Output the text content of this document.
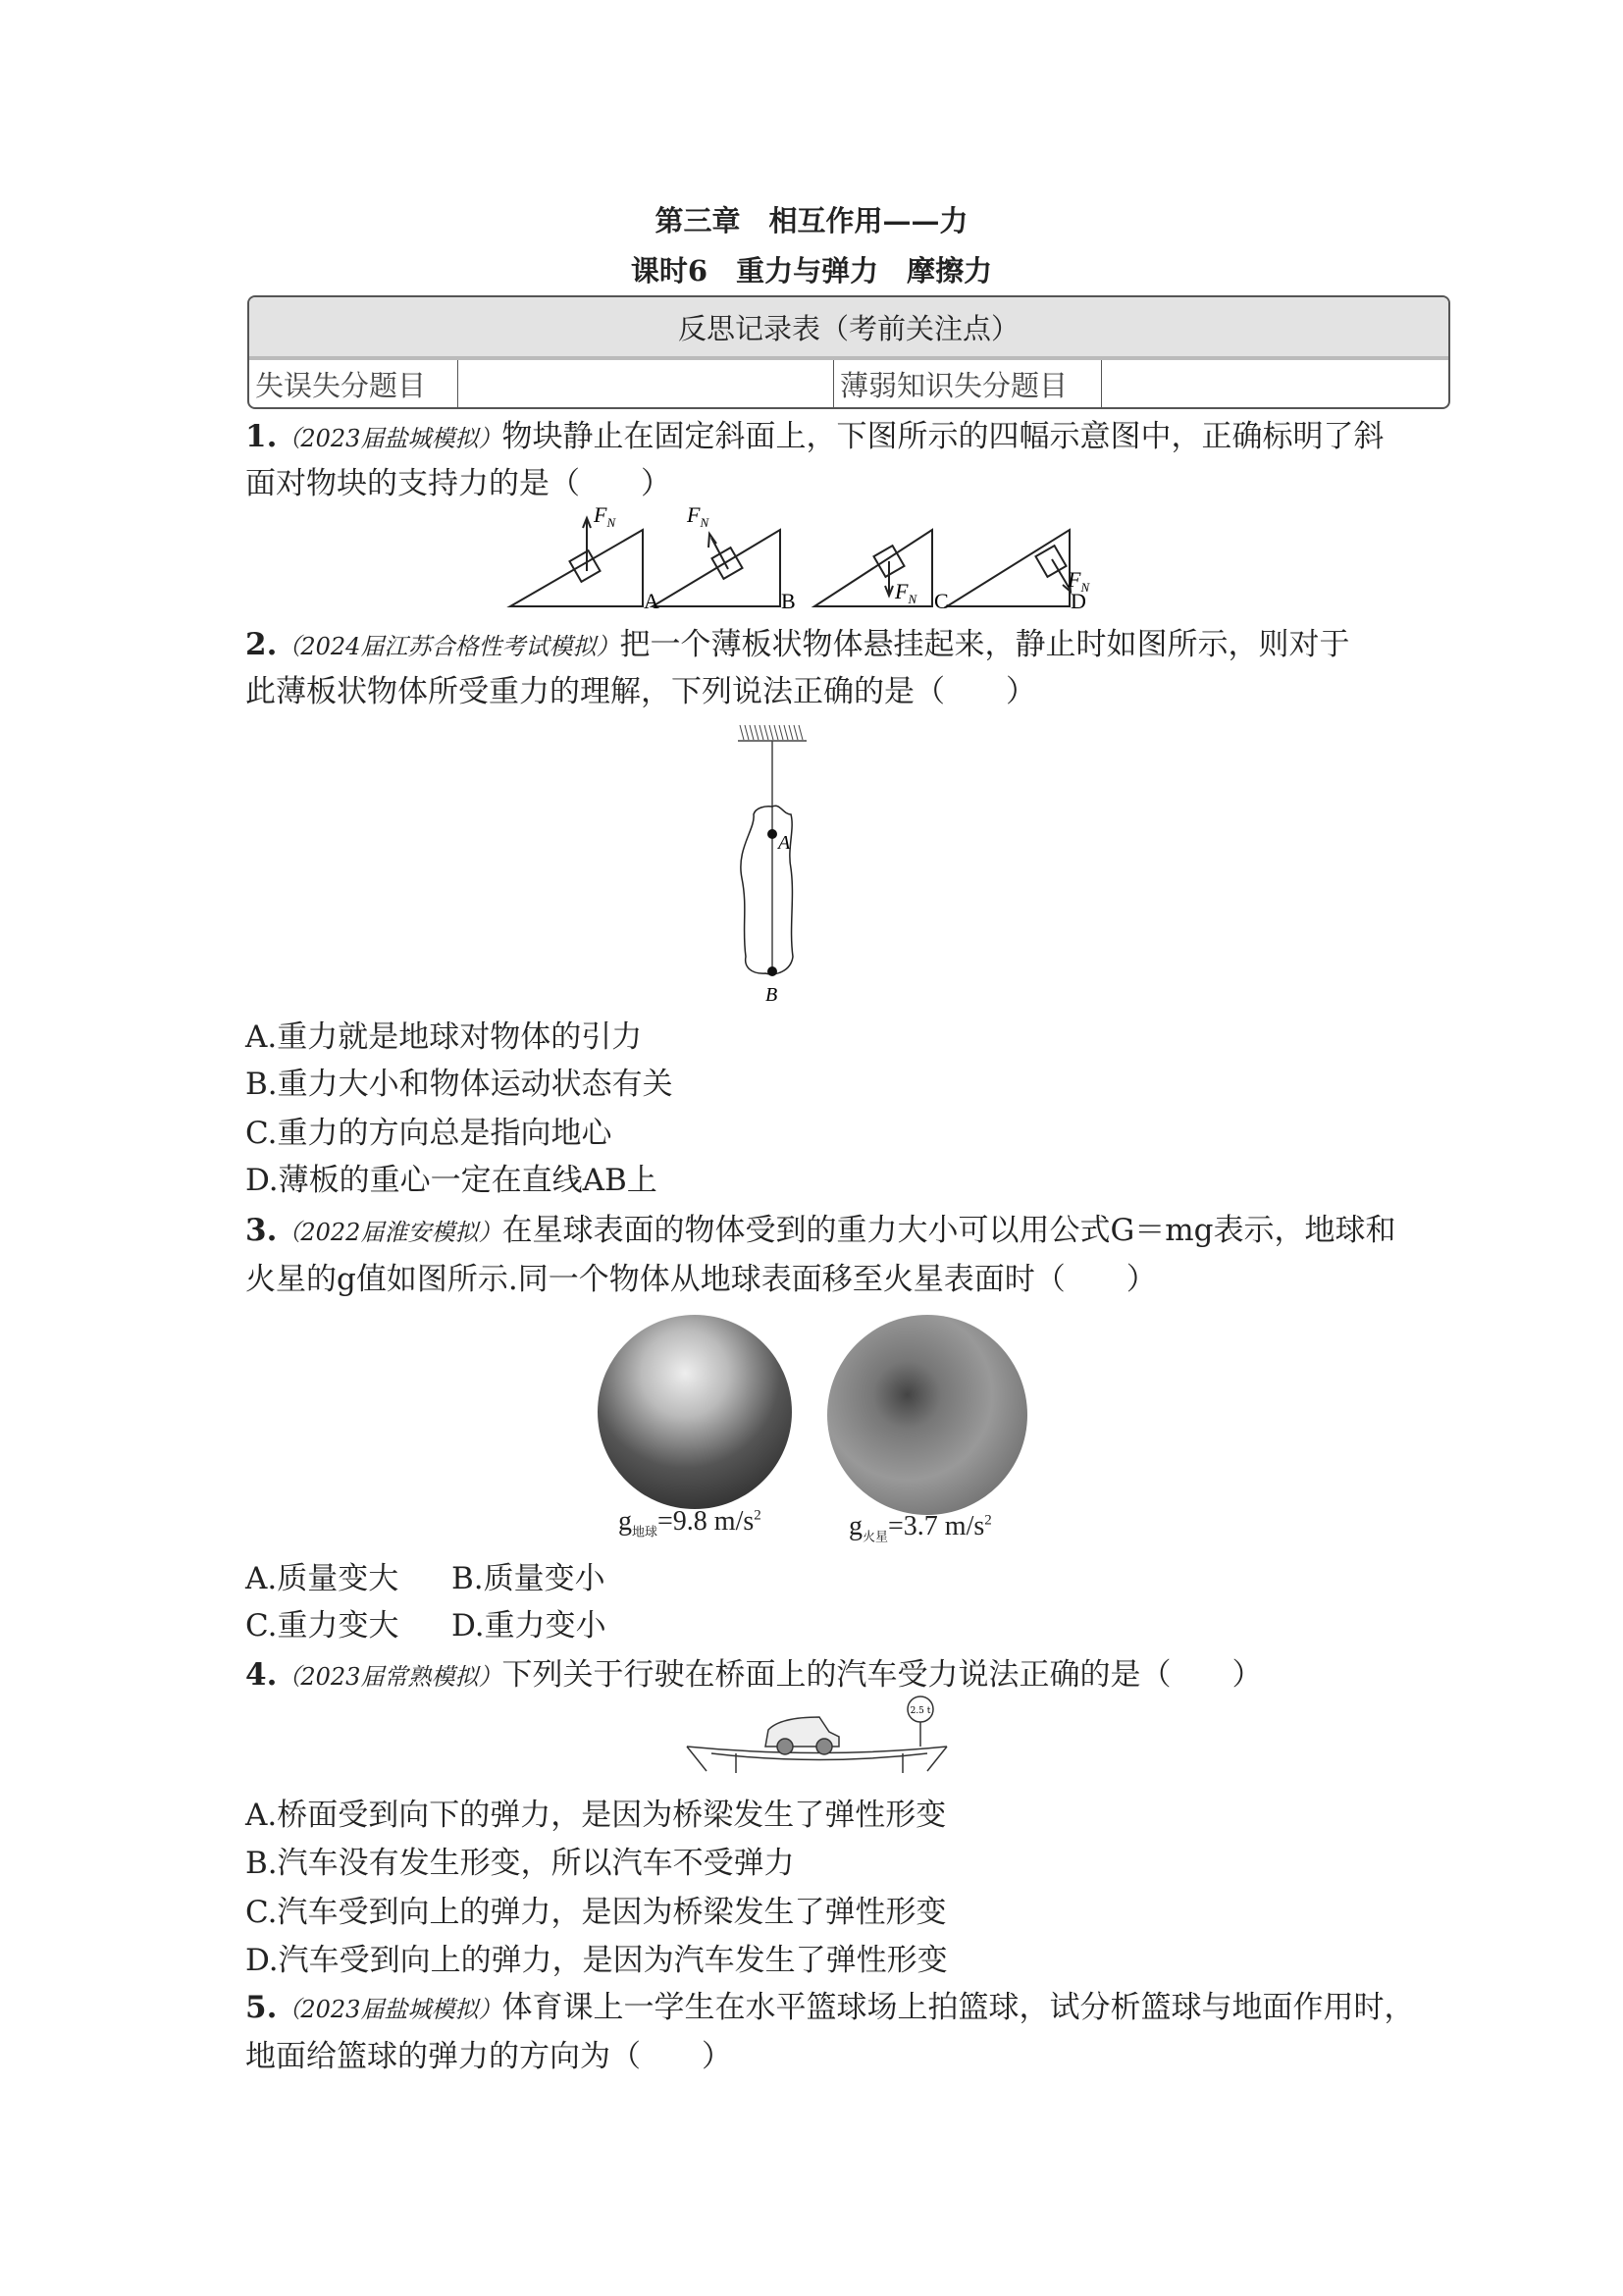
第三章　相互作用——力
课时6　重力与弹力　摩擦力
反思记录表（考前关注点）
失误失分题目		薄弱知识失分题目	
1.（2023届盐城模拟）物块静止在固定斜面上，下图所示的四幅示意图中，正确标明了斜
面对物块的支持力的是（　　）
$F_N$	$F_N$
$F_N$
$F_N$
A	B	C	D
2.（2024届江苏合格性考试模拟）把一个薄板状物体悬挂起来，静止时如图所示，则对于
此薄板状物体所受重力的理解，下列说法正确的是（　　）
A
B
A.重力就是地球对物体的引力
B.重力大小和物体运动状态有关
C.重力的方向总是指向地心
D.薄板的重心一定在直线AB上
3.（2022届淮安模拟）在星球表面的物体受到的重力大小可以用公式G＝mg表示，地球和
火星的g值如图所示.同一个物体从地球表面移至火星表面时（　　）
$g_{地球}=9.8$ $m/s^2$	$g_{火星}=3.7$ $m/s^2$
A.质量变大 B.质量变小
C.重力变大 D.重力变小
4.（2023届常熟模拟）下列关于行驶在桥面上的汽车受力说法正确的是（　　）
2.5 t
A.桥面受到向下的弹力，是因为桥梁发生了弹性形变
B.汽车没有发生形变，所以汽车不受弹力
C.汽车受到向上的弹力，是因为桥梁发生了弹性形变
D.汽车受到向上的弹力，是因为汽车发生了弹性形变
5.（2023届盐城模拟）体育课上一学生在水平篮球场上拍篮球，试分析篮球与地面作用时，
地面给篮球的弹力的方向为（　　）
